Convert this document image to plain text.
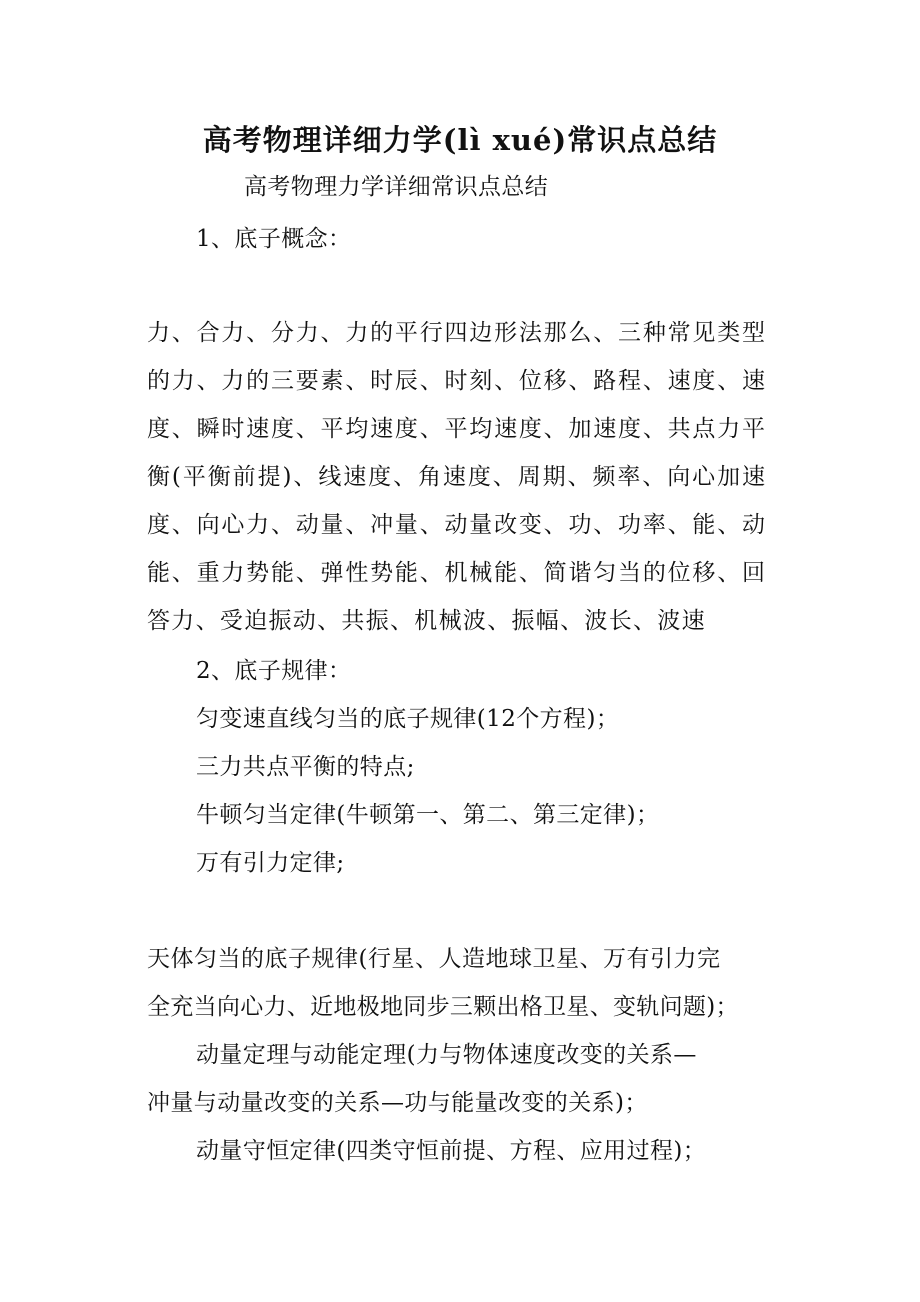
高考物理详细力学(lì xué)常识点总结
高考物理力学详细常识点总结
1、底子概念：
力、合力、分力、力的平行四边形法那么、三种常见类型
的力、力的三要素、时辰、时刻、位移、路程、速度、速
度、瞬时速度、平均速度、平均速度、加速度、共点力平
衡(平衡前提)、线速度、角速度、周期、频率、向心加速
度、向心力、动量、冲量、动量改变、功、功率、能、动
能、重力势能、弹性势能、机械能、简谐匀当的位移、回
答力、受迫振动、共振、机械波、振幅、波长、波速
2、底子规律：
匀变速直线匀当的底子规律(12个方程)；
三力共点平衡的特点;
牛顿匀当定律(牛顿第一、第二、第三定律)；
万有引力定律;
天体匀当的底子规律(行星、人造地球卫星、万有引力完
全充当向心力、近地极地同步三颗出格卫星、变轨问题)；
动量定理与动能定理(力与物体速度改变的关系—
冲量与动量改变的关系—功与能量改变的关系)；
动量守恒定律(四类守恒前提、方程、应用过程)；
